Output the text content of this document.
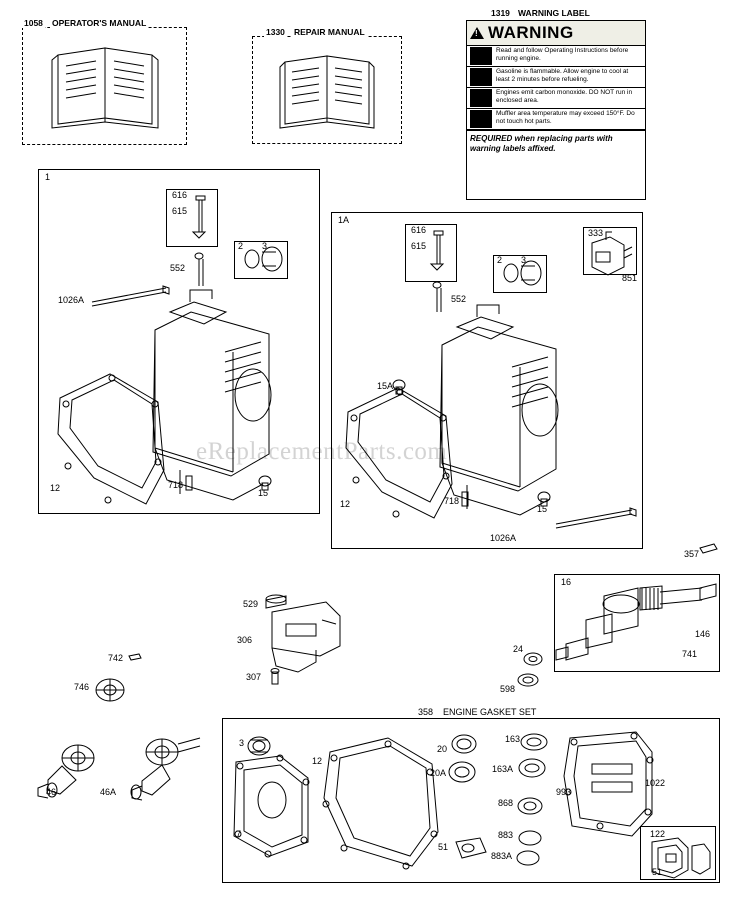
eReplacementParts.com
1058 OPERATOR'S MANUAL
1330 REPAIR MANUAL
1319 WARNING LABEL
!
WARNING
Read and follow Operating Instructions before running engine.
Gasoline is flammable. Allow engine to cool at least 2 minutes before refueling.
Engines emit carbon monoxide. DO NOT run in enclosed area.
Muffler area temperature may exceed 150°F. Do not touch hot parts.
REQUIRED when replacing parts with warning labels affixed.
1
616
615
552
2 3
1026A
12	718
15
1A
616
615
552
2 3
333
851
15A
12	718
15
1026A
16
357
146
741
24
598
529
306
307
742
746
46	46A
358 ENGINE GASKET SET
3
12
20
20A
163
163A
868
993
883
883A
51
1022
7	122
51
